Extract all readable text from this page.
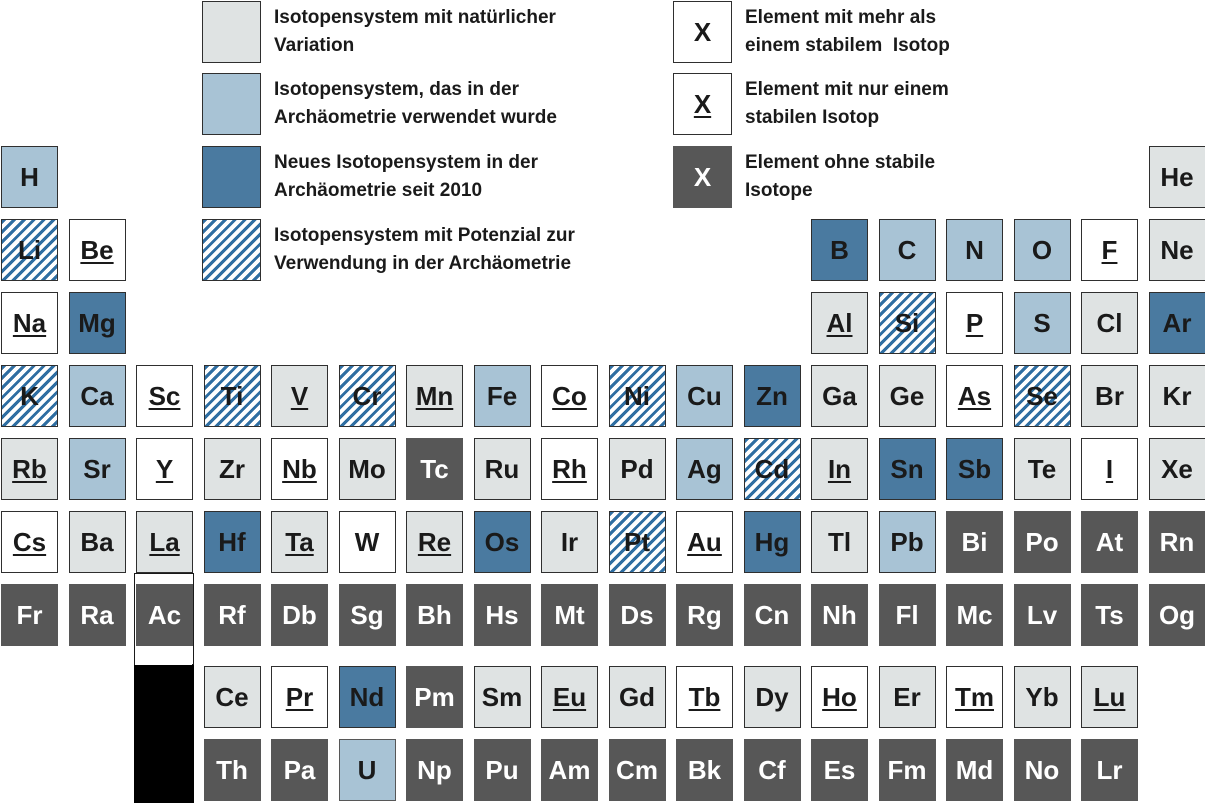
Isotopensystem mit natürlicher
Variation
Isotopensystem, das in der
Archäometrie verwendet wurde
Neues Isotopensystem in der
Archäometrie seit 2010
Isotopensystem mit Potenzial zur
Verwendung in der Archäometrie
X Element mit mehr als
einem stabilem  Isotop
X Element mit nur einem
stabilen Isotop
X Element ohne stabile
Isotope
H	He
Li Be	B C N O F Ne
Na Mg	Al Si P S Cl Ar
K Ca Sc Ti V Cr Mn Fe Co Ni Cu Zn Ga Ge As Se Br Kr
Rb Sr Y Zr Nb Mo Tc Ru Rh Pd Ag Cd In Sn Sb Te I Xe
Cs Ba La Hf Ta W Re Os Ir Pt Au Hg Tl Pb Bi Po At Rn
Fr Ra Ac Rf Db Sg Bh Hs Mt Ds Rg Cn Nh Fl Mc Lv Ts Og
Ce Pr Nd Pm Sm Eu Gd Tb Dy Ho Er Tm Yb Lu
Th Pa U Np Pu Am Cm Bk Cf Es Fm Md No Lr
